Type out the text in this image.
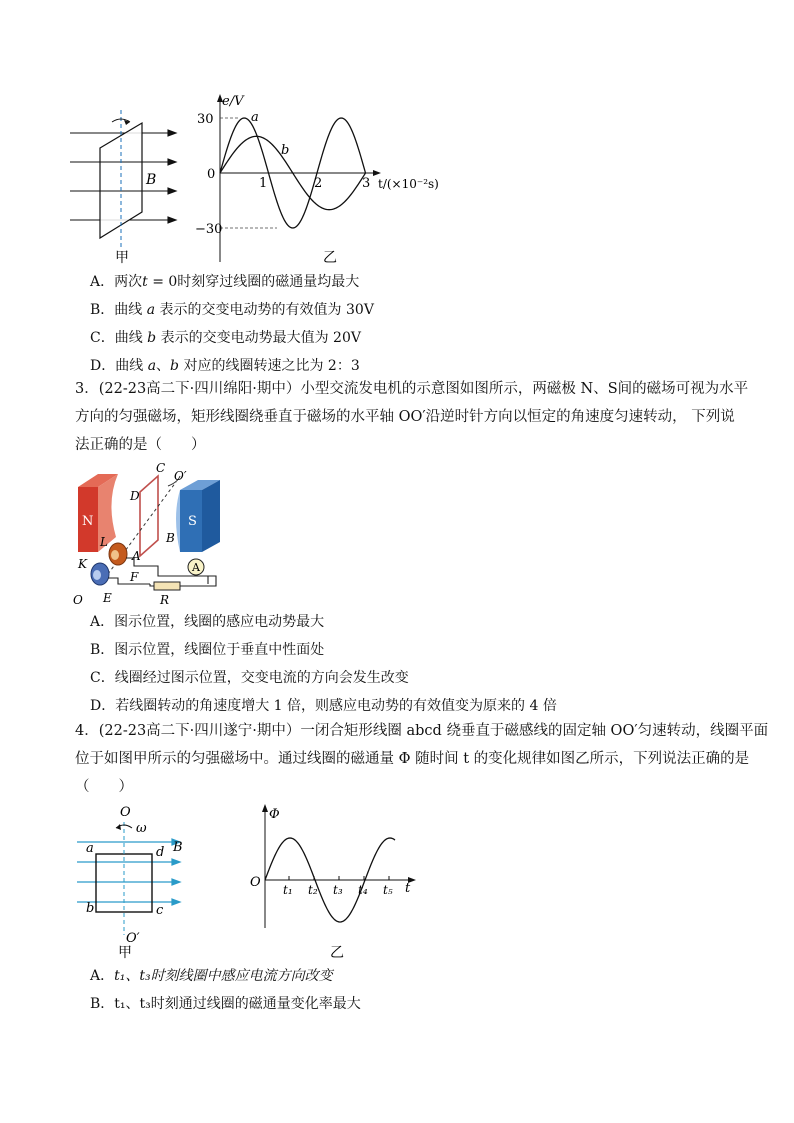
B
甲
e/V
30
0
−30
a
b
1	2	3 t/(×10⁻²s)
乙
A．两次t = 0时刻穿过线圈的磁通量均最大
B．曲线 a 表示的交变电动势的有效值为 30V
C．曲线 b 表示的交变电动势最大值为 20V
D．曲线 a、b 对应的线圈转速之比为 2：3
3．(22-23高二下·四川绵阳·期中）小型交流发电机的示意图如图所示，两磁极 N、S间的磁场可视为水平
方向的匀强磁场，矩形线圈绕垂直于磁场的水平轴 OO′沿逆时针方向以恒定的角速度匀速转动， 下列说
法正确的是（　　）
N	S
A
C
O′
D
B
L
A
K
F
O E	R
A．图示位置，线圈的感应电动势最大
B．图示位置，线圈位于垂直中性面处
C．线圈经过图示位置，交变电流的方向会发生改变
D．若线圈转动的角速度增大 1 倍，则感应电动势的有效值变为原来的 4 倍
4．(22-23高二下·四川遂宁·期中）一闭合矩形线圈 abcd 绕垂直于磁感线的固定轴 OO′匀速转动，线圈平面
位于如图甲所示的匀强磁场中。通过线圈的磁通量 Φ 随时间 t 的变化规律如图乙所示，下列说法正确的是
（　　）
O
ω
a	d B
b	c
O′
甲
Φ
O	t
t₁ t₂ t₃ t₄ t₅
乙
A．t₁、t₃时刻线圈中感应电流方向改变
B．t₁、t₃时刻通过线圈的磁通量变化率最大
